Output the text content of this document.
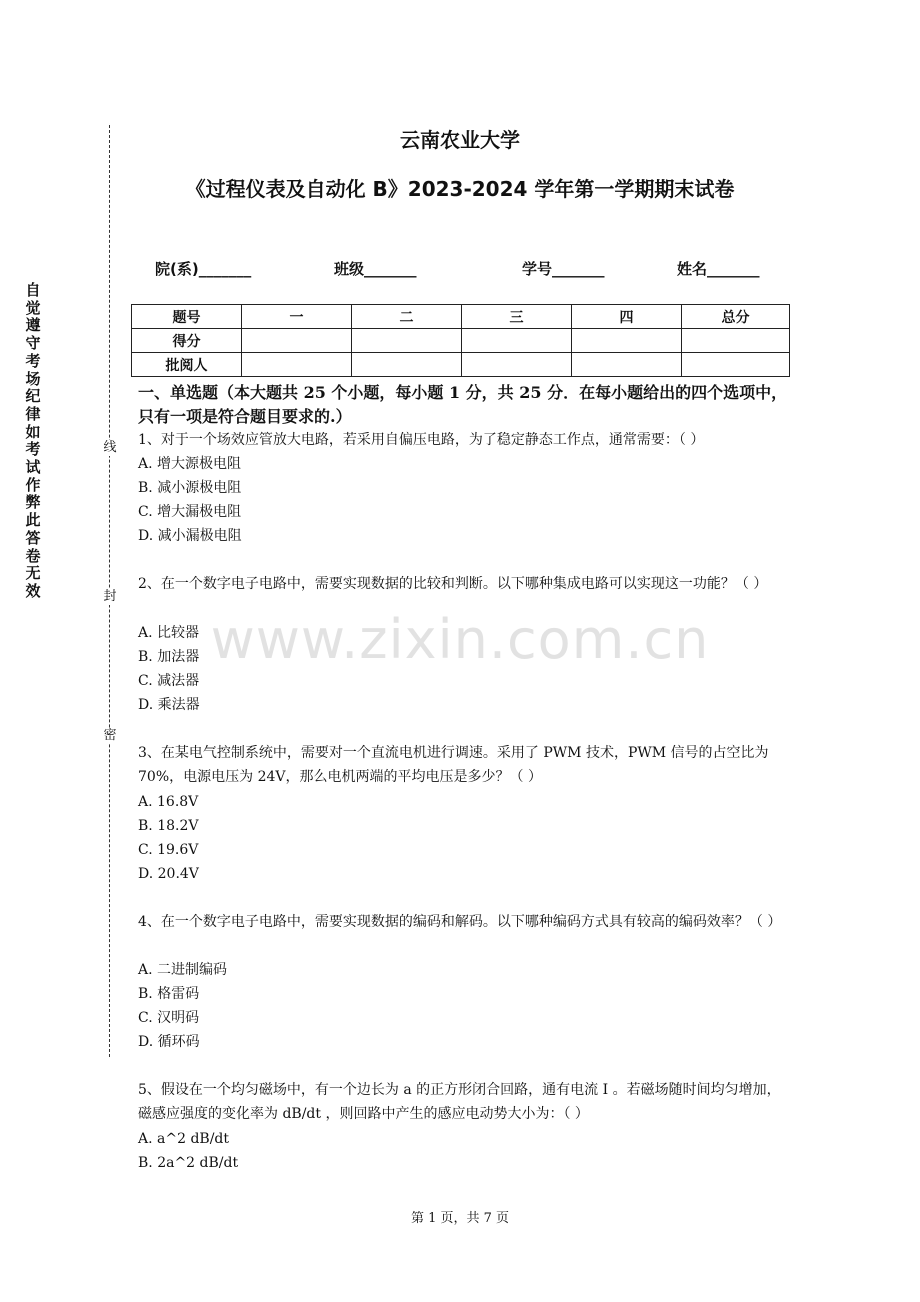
线
封
密
自觉遵守考场纪律如考试作弊此答卷无效
云南农业大学
《过程仪表及自动化 B》2023-2024 学年第一学期期末试卷
院(系)_______	班级_______	学号_______	姓名_______
题号	一	二	三	四	总分
得分					
批阅人					
一、单选题（本大题共 25 个小题，每小题 1 分，共 25 分．在每小题给出的四个选项中，只有一项是符合题目要求的.）
1、对于一个场效应管放大电路，若采用自偏压电路，为了稳定静态工作点，通常需要：（ ）
A. 增大源极电阻
B. 减小源极电阻
C. 增大漏极电阻
D. 减小漏极电阻
2、在一个数字电子电路中，需要实现数据的比较和判断。以下哪种集成电路可以实现这一功能？（ ）
A. 比较器
B. 加法器
C. 减法器
D. 乘法器
3、在某电气控制系统中，需要对一个直流电机进行调速。采用了 PWM 技术，PWM 信号的占空比为 70%，电源电压为 24V，那么电机两端的平均电压是多少？（ ）
A. 16.8V
B. 18.2V
C. 19.6V
D. 20.4V
4、在一个数字电子电路中，需要实现数据的编码和解码。以下哪种编码方式具有较高的编码效率？（ ）
A. 二进制编码
B. 格雷码
C. 汉明码
D. 循环码
5、假设在一个均匀磁场中，有一个边长为 a 的正方形闭合回路，通有电流 I 。若磁场随时间均匀增加，磁感应强度的变化率为 dB/dt ，则回路中产生的感应电动势大小为：（ ）
A. a^2 dB/dt
B. 2a^2 dB/dt
www.zixin.com.cn
第 1 页，共 7 页
